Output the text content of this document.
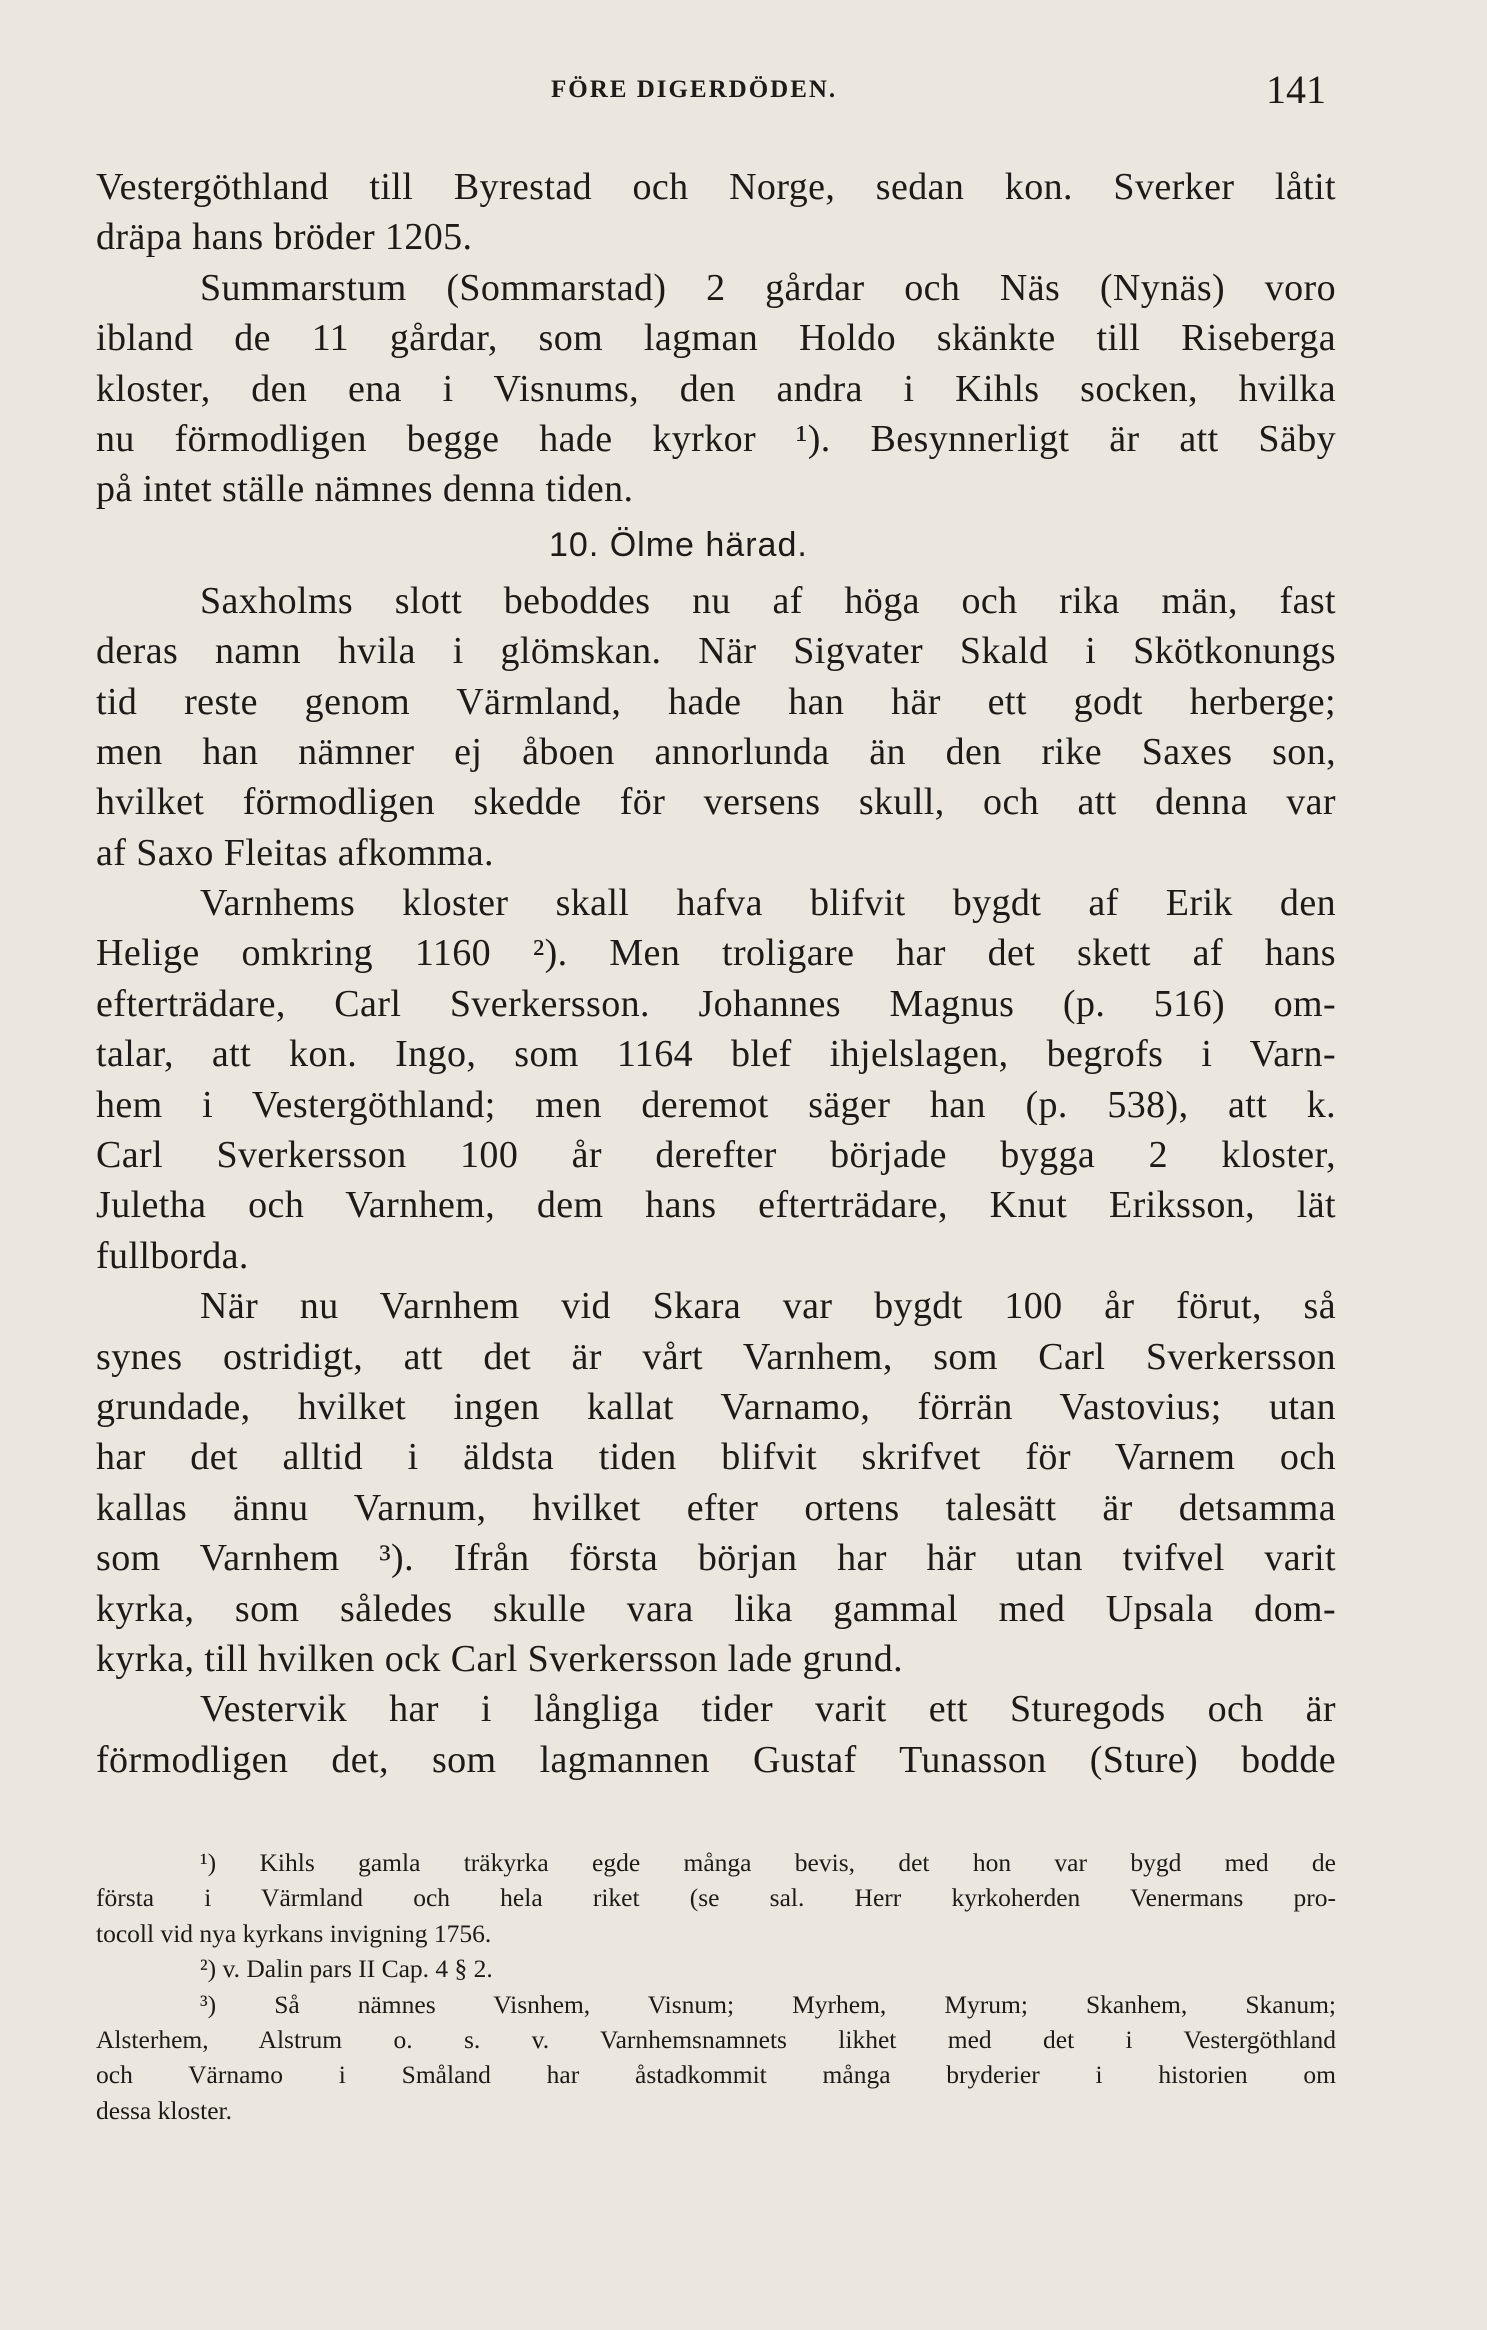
FÖRE DIGERDÖDEN.	141
Vestergöthland till Byrestad och Norge, sedan kon. Sverker låtit
dräpa hans bröder 1205.
Summarstum (Sommarstad) 2 gårdar och Näs (Nynäs) voro
ibland de 11 gårdar, som lagman Holdo skänkte till Riseberga
kloster, den ena i Visnums, den andra i Kihls socken, hvilka
nu förmodligen begge hade kyrkor ¹). Besynnerligt är att Säby
på intet ställe nämnes denna tiden.
10. Ölme härad.
Saxholms slott beboddes nu af höga och rika män, fast
deras namn hvila i glömskan. När Sigvater Skald i Skötkonungs
tid reste genom Värmland, hade han här ett godt herberge;
men han nämner ej åboen annorlunda än den rike Saxes son,
hvilket förmodligen skedde för versens skull, och att denna var
af Saxo Fleitas afkomma.
Varnhems kloster skall hafva blifvit bygdt af Erik den
Helige omkring 1160 ²). Men troligare har det skett af hans
efterträdare, Carl Sverkersson. Johannes Magnus (p. 516) om-
talar, att kon. Ingo, som 1164 blef ihjelslagen, begrofs i Varn-
hem i Vestergöthland; men deremot säger han (p. 538), att k.
Carl Sverkersson 100 år derefter började bygga 2 kloster,
Juletha och Varnhem, dem hans efterträdare, Knut Eriksson, lät
fullborda.
När nu Varnhem vid Skara var bygdt 100 år förut, så
synes ostridigt, att det är vårt Varnhem, som Carl Sverkersson
grundade, hvilket ingen kallat Varnamo, förrän Vastovius; utan
har det alltid i äldsta tiden blifvit skrifvet för Varnem och
kallas ännu Varnum, hvilket efter ortens talesätt är detsamma
som Varnhem ³). Ifrån första början har här utan tvifvel varit
kyrka, som således skulle vara lika gammal med Upsala dom-
kyrka, till hvilken ock Carl Sverkersson lade grund.
Vestervik har i långliga tider varit ett Sturegods och är
förmodligen det, som lagmannen Gustaf Tunasson (Sture) bodde
¹) Kihls gamla träkyrka egde många bevis, det hon var bygd med de
första i Värmland och hela riket (se sal. Herr kyrkoherden Venermans pro-
tocoll vid nya kyrkans invigning 1756.
²) v. Dalin pars II Cap. 4 § 2.
³) Så nämnes Visnhem, Visnum; Myrhem, Myrum; Skanhem, Skanum;
Alsterhem, Alstrum o. s. v. Varnhemsnamnets likhet med det i Vestergöthland
och Värnamo i Småland har åstadkommit många bryderier i historien om
dessa kloster.
